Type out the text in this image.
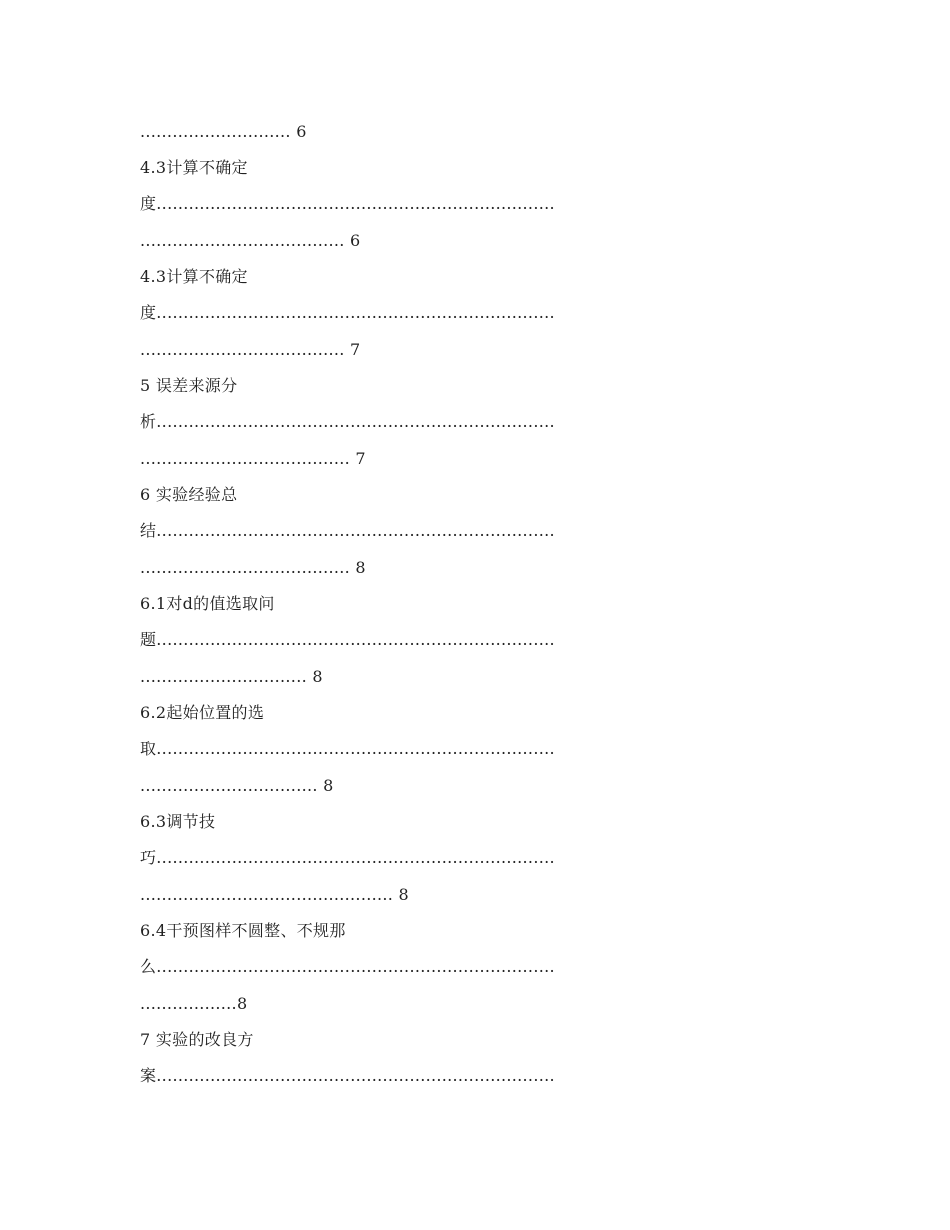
............................ 6
4.3计算不确定
度..........................................................................
...................................... 6
4.3计算不确定
度..........................................................................
...................................... 7
5 误差来源分
析..........................................................................
....................................... 7
6 实验经验总
结..........................................................................
....................................... 8
6.1对d的值选取问
题..........................................................................
............................... 8
6.2起始位置的选
取..........................................................................
................................. 8
6.3调节技
巧..........................................................................
............................................... 8
6.4干预图样不圆整、不规那
么..........................................................................
..................8
7 实验的改良方
案..........................................................................
